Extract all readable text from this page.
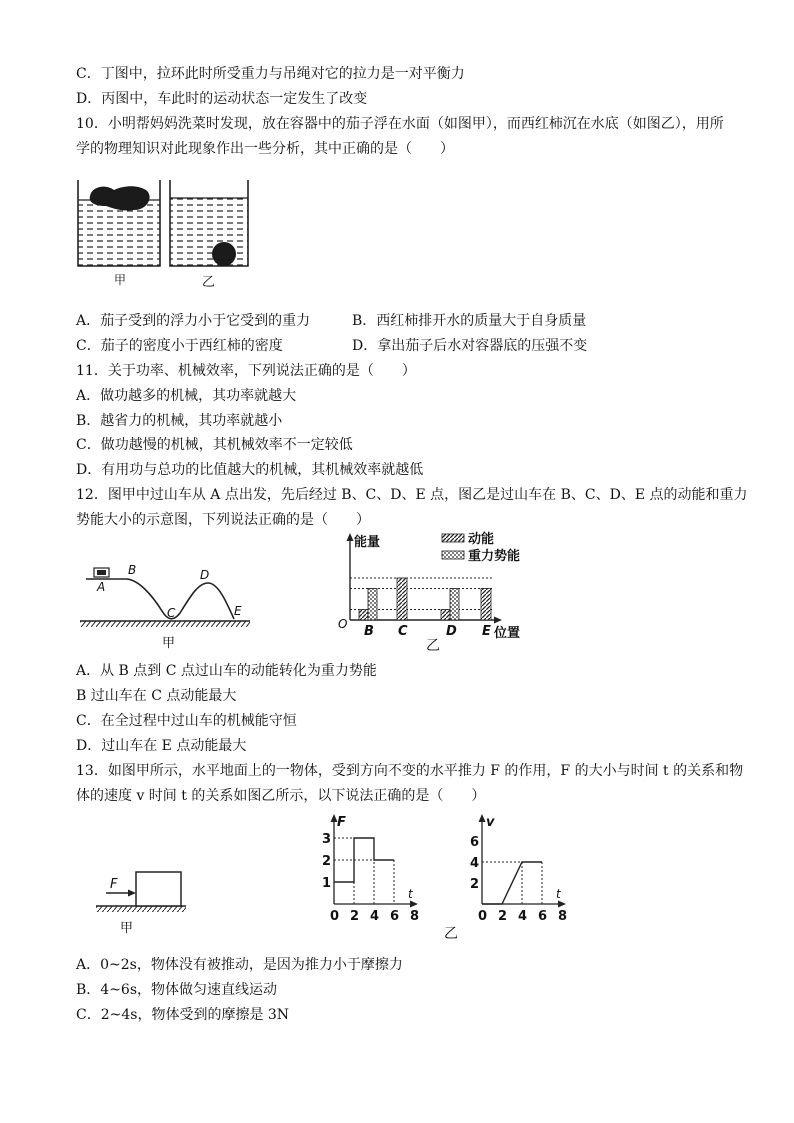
C．丁图中，拉环此时所受重力与吊绳对它的拉力是一对平衡力
D．丙图中，车此时的运动状态一定发生了改变
10．小明帮妈妈洗菜时发现，放在容器中的茄子浮在水面（如图甲），而西红柿沉在水底（如图乙），用所
学的物理知识对此现象作出一些分析，其中正确的是（　　）
甲	乙
A．茄子受到的浮力小于它受到的重力	B．西红柿排开水的质量大于自身质量
C．茄子的密度小于西红柿的密度	D．拿出茄子后水对容器底的压强不变
11．关于功率、机械效率，下列说法正确的是（　　）
A．做功越多的机械，其功率就越大
B．越省力的机械，其功率就越小
C．做功越慢的机械，其机械效率不一定较低
D．有用功与总功的比值越大的机械，其机械效率就越低
12．图甲中过山车从 A 点出发，先后经过 B、C、D、E 点，图乙是过山车在 B、C、D、E 点的动能和重力
势能大小的示意图，下列说法正确的是（　　）
A
B
C
D
E
甲
能量	动能
重力势能
O B C	D E 位置
乙
A．从 B 点到 C 点过山车的动能转化为重力势能
B 过山车在 C 点动能最大
C．在全过程中过山车的机械能守恒
D．过山车在 E 点动能最大
13．如图甲所示，水平地面上的一物体，受到方向不变的水平推力 F 的作用，F 的大小与时间 t 的关系和物
体的速度 v 时间 t 的关系如图乙所示，以下说法正确的是（　　）
F
甲
F
t
1
2
3
0 2 4 6 8
v
t
2
4
6
0 2 4 6 8
乙
A．0~2s，物体没有被推动，是因为推力小于摩擦力
B．4~6s，物体做匀速直线运动
C．2~4s，物体受到的摩擦是 3N
